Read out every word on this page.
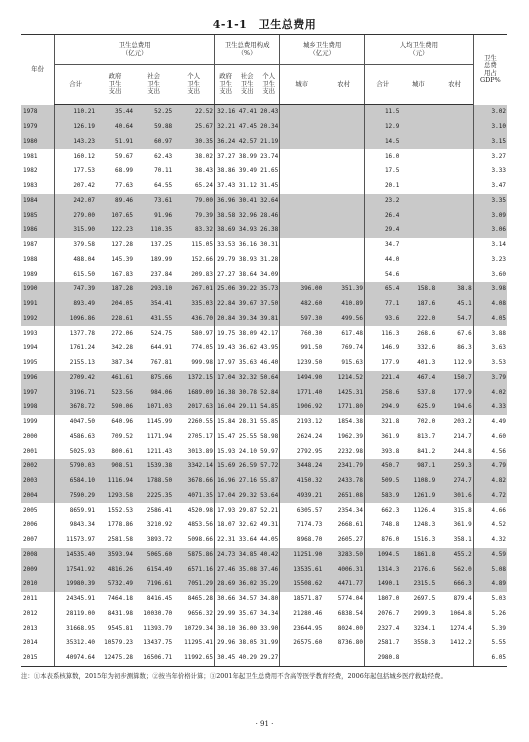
4-1-1　卫生总费用
年份	卫生总费用
（亿元）				卫生总费用构成
（%）			城乡卫生费用
（亿元）		人均卫生费用
（元）			卫生
总费
用占
GDP%
	合计	政府
卫生
支出	社会
卫生
支出	个人
卫生
支出	政府
卫生
支出	社会
卫生
支出	个人
卫生
支出	城市	农村	合计	城市	农村	
1978	110.21	35.44	52.25	22.52	32.16	47.41	20.43			11.5			3.02
1979	126.19	40.64	59.88	25.67	32.21	47.45	20.34			12.9			3.10
1980	143.23	51.91	60.97	30.35	36.24	42.57	21.19			14.5			3.15
1981	160.12	59.67	62.43	38.02	37.27	38.99	23.74			16.0			3.27
1982	177.53	68.99	70.11	38.43	38.86	39.49	21.65			17.5			3.33
1983	207.42	77.63	64.55	65.24	37.43	31.12	31.45			20.1			3.47
1984	242.07	89.46	73.61	79.00	36.96	30.41	32.64			23.2			3.35
1985	279.00	107.65	91.96	79.39	38.58	32.96	28.46			26.4			3.09
1986	315.90	122.23	110.35	83.32	38.69	34.93	26.38			29.4			3.06
1987	379.58	127.28	137.25	115.05	33.53	36.16	30.31			34.7			3.14
1988	488.04	145.39	189.99	152.66	29.79	38.93	31.28			44.0			3.23
1989	615.50	167.83	237.84	209.83	27.27	38.64	34.09			54.6			3.60
1990	747.39	187.28	293.10	267.01	25.06	39.22	35.73	396.00	351.39	65.4	158.8	38.8	3.98
1991	893.49	204.05	354.41	335.03	22.84	39.67	37.50	482.60	410.89	77.1	187.6	45.1	4.08
1992	1096.86	228.61	431.55	436.70	20.84	39.34	39.81	597.30	499.56	93.6	222.0	54.7	4.05
1993	1377.78	272.06	524.75	580.97	19.75	38.09	42.17	760.30	617.48	116.3	268.6	67.6	3.88
1994	1761.24	342.28	644.91	774.05	19.43	36.62	43.95	991.50	769.74	146.9	332.6	86.3	3.63
1995	2155.13	387.34	767.81	999.98	17.97	35.63	46.40	1239.50	915.63	177.9	401.3	112.9	3.53
1996	2709.42	461.61	875.66	1372.15	17.04	32.32	50.64	1494.90	1214.52	221.4	467.4	150.7	3.79
1997	3196.71	523.56	984.06	1689.09	16.38	30.78	52.84	1771.40	1425.31	258.6	537.8	177.9	4.02
1998	3678.72	590.06	1071.03	2017.63	16.04	29.11	54.85	1906.92	1771.80	294.9	625.9	194.6	4.33
1999	4047.50	640.96	1145.99	2260.55	15.84	28.31	55.85	2193.12	1854.38	321.8	702.0	203.2	4.49
2000	4586.63	709.52	1171.94	2705.17	15.47	25.55	58.98	2624.24	1962.39	361.9	813.7	214.7	4.60
2001	5025.93	800.61	1211.43	3013.89	15.93	24.10	59.97	2792.95	2232.98	393.8	841.2	244.8	4.56
2002	5790.03	908.51	1539.38	3342.14	15.69	26.59	57.72	3448.24	2341.79	450.7	987.1	259.3	4.79
2003	6584.10	1116.94	1788.50	3678.66	16.96	27.16	55.87	4150.32	2433.78	509.5	1108.9	274.7	4.82
2004	7590.29	1293.58	2225.35	4071.35	17.04	29.32	53.64	4939.21	2651.08	583.9	1261.9	301.6	4.72
2005	8659.91	1552.53	2586.41	4520.98	17.93	29.87	52.21	6305.57	2354.34	662.3	1126.4	315.8	4.66
2006	9843.34	1778.86	3210.92	4853.56	18.07	32.62	49.31	7174.73	2668.61	748.8	1248.3	361.9	4.52
2007	11573.97	2581.58	3893.72	5098.66	22.31	33.64	44.05	8968.70	2605.27	876.0	1516.3	358.1	4.32
2008	14535.40	3593.94	5065.60	5875.86	24.73	34.85	40.42	11251.90	3283.50	1094.5	1861.8	455.2	4.59
2009	17541.92	4816.26	6154.49	6571.16	27.46	35.08	37.46	13535.61	4006.31	1314.3	2176.6	562.0	5.08
2010	19980.39	5732.49	7196.61	7051.29	28.69	36.02	35.29	15508.62	4471.77	1490.1	2315.5	666.3	4.89
2011	24345.91	7464.18	8416.45	8465.28	30.66	34.57	34.80	18571.87	5774.04	1807.0	2697.5	879.4	5.03
2012	28119.00	8431.98	10030.70	9656.32	29.99	35.67	34.34	21280.46	6838.54	2076.7	2999.3	1064.8	5.26
2013	31668.95	9545.81	11393.79	10729.34	30.10	36.00	33.90	23644.95	8024.00	2327.4	3234.1	1274.4	5.39
2014	35312.40	10579.23	13437.75	11295.41	29.96	38.05	31.99	26575.60	8736.80	2581.7	3558.3	1412.2	5.55
2015	40974.64	12475.28	16506.71	11992.65	30.45	40.29	29.27			2980.8			6.05
注：①本表系核算数，2015年为初步测算数；②按当年价格计算；③2001年起卫生总费用不含高等医学教育经费，2006年起包括城乡医疗救助经费。
· 91 ·
